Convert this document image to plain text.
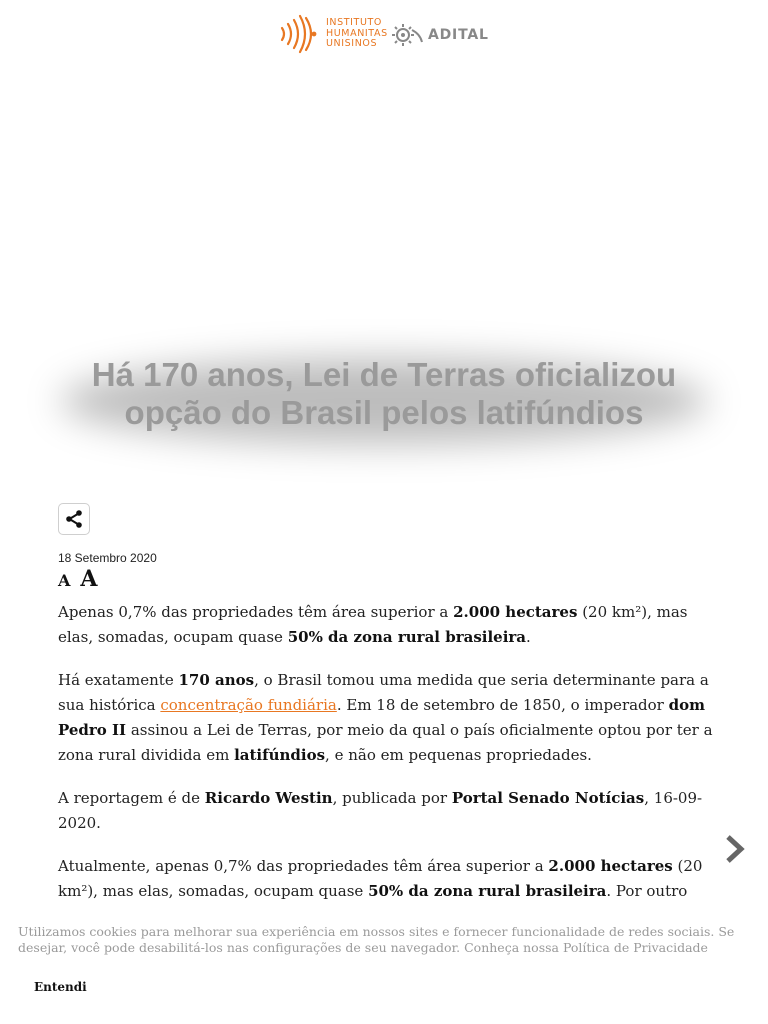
INSTITUTO
HUMANITAS
UNISINOS
ADITAL
Há 170 anos, Lei de Terras oficializou
opção do Brasil pelos latifúndios
18 Setembro 2020
A A

Apenas 0,7% das propriedades têm área superior a 2.000 hectares (20 km²), mas elas, somadas, ocupam quase 50% da zona rural brasileira.

Há exatamente 170 anos, o Brasil tomou uma medida que seria determinante para a sua histórica concentração fundiária. Em 18 de setembro de 1850, o imperador dom Pedro II assinou a Lei de Terras, por meio da qual o país oficialmente optou por ter a zona rural dividida em latifúndios, e não em pequenas propriedades.

A reportagem é de Ricardo Westin, publicada por Portal Senado Notícias, 16-09-2020.

Atualmente, apenas 0,7% das propriedades têm área superior a 2.000 hectares (20 km²), mas elas, somadas, ocupam quase 50% da zona rural brasileira. Por outro

Utilizamos cookies para melhorar sua experiência em nossos sites e fornecer funcionalidade de redes sociais. Se desejar, você pode desabilitá-los nas configurações de seu navegador. Conheça nossa Política de Privacidade
Entendi
